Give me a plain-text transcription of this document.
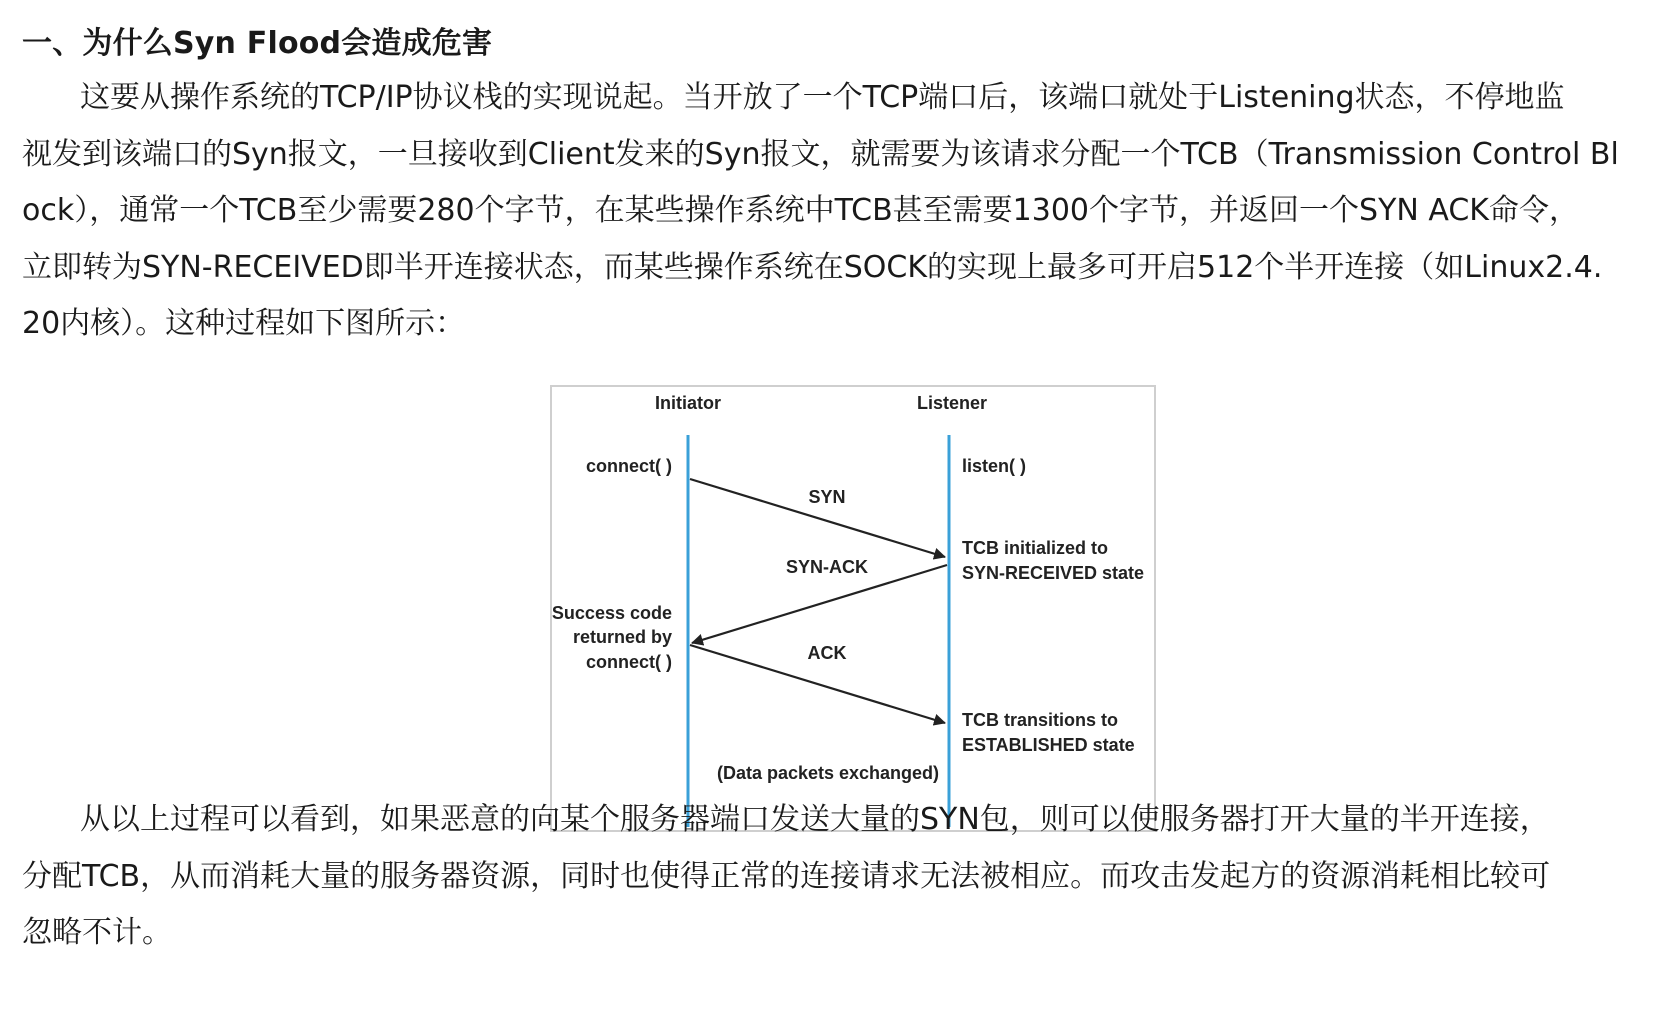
一、为什么Syn Flood会造成危害
这要从操作系统的TCP/IP协议栈的实现说起。当开放了一个TCP端口后，该端口就处于Listening状态，不停地监
视发到该端口的Syn报文，一旦接收到Client发来的Syn报文，就需要为该请求分配一个TCB（Transmission Control Bl
ock），通常一个TCB至少需要280个字节，在某些操作系统中TCB甚至需要1300个字节，并返回一个SYN ACK命令，
立即转为SYN-RECEIVED即半开连接状态，而某些操作系统在SOCK的实现上最多可开启512个半开连接（如Linux2.4.
20内核）。这种过程如下图所示：
Initiator	Listener
connect( )	listen( )
SYN
TCB initialized to
SYN-RECEIVED state
SYN-ACK
Success code
returned by
connect( )	ACK
TCB transitions to
ESTABLISHED state
(Data packets exchanged)
从以上过程可以看到，如果恶意的向某个服务器端口发送大量的SYN包，则可以使服务器打开大量的半开连接，
分配TCB，从而消耗大量的服务器资源，同时也使得正常的连接请求无法被相应。而攻击发起方的资源消耗相比较可
忽略不计。
